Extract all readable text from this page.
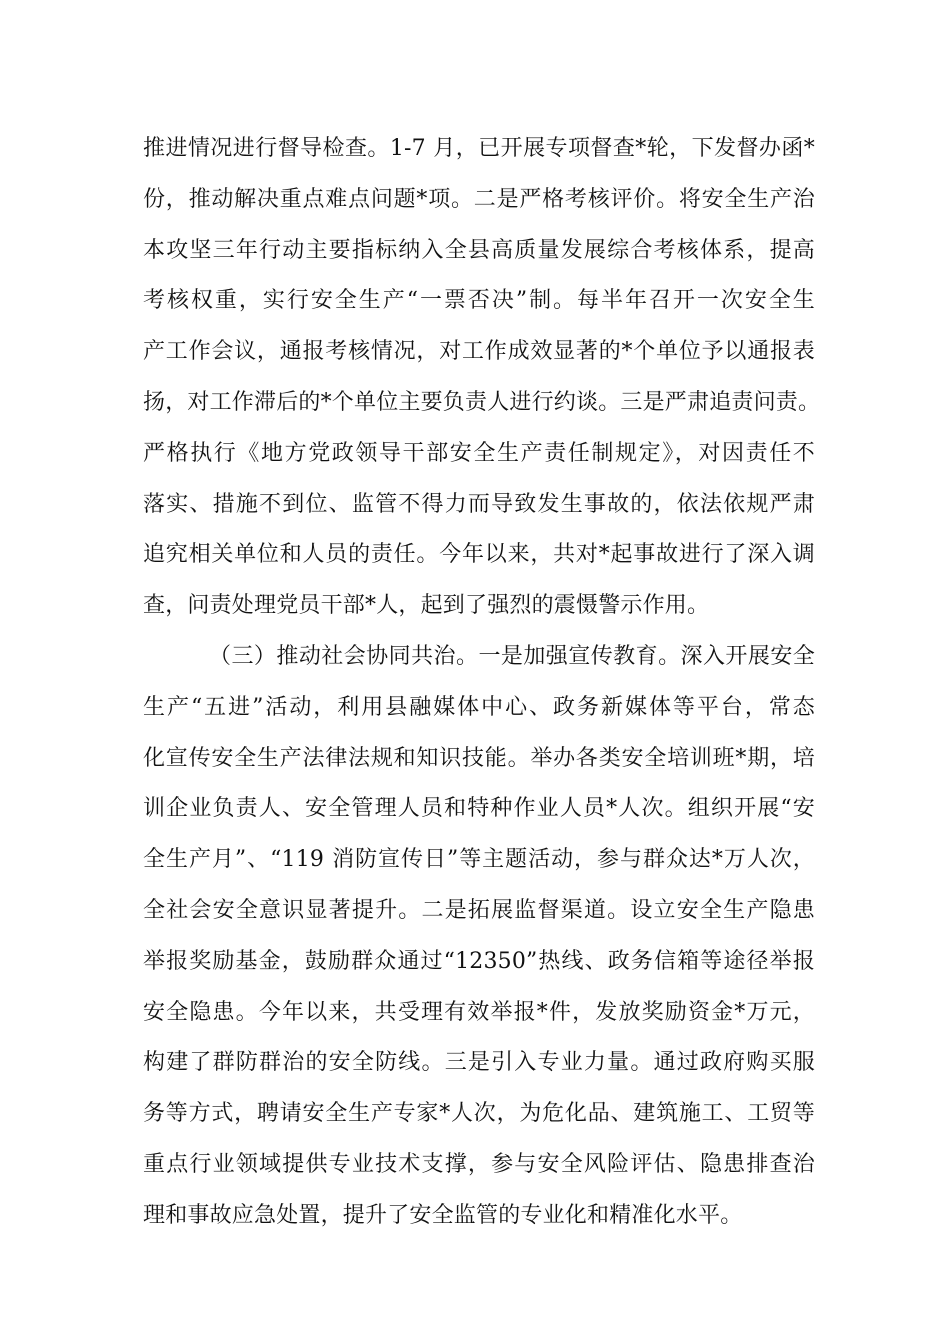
推进情况进行督导检查。1-7 月，已开展专项督查*轮，下发督办函*
份，推动解决重点难点问题*项。二是严格考核评价。将安全生产治
本攻坚三年行动主要指标纳入全县高质量发展综合考核体系，提高
考核权重，实行安全生产“一票否决”制。每半年召开一次安全生
产工作会议，通报考核情况，对工作成效显著的*个单位予以通报表
扬，对工作滞后的*个单位主要负责人进行约谈。三是严肃追责问责。
严格执行《地方党政领导干部安全生产责任制规定》，对因责任不
落实、措施不到位、监管不得力而导致发生事故的，依法依规严肃
追究相关单位和人员的责任。今年以来，共对*起事故进行了深入调
查，问责处理党员干部*人，起到了强烈的震慑警示作用。
（三）推动社会协同共治。一是加强宣传教育。深入开展安全
生产“五进”活动，利用县融媒体中心、政务新媒体等平台，常态
化宣传安全生产法律法规和知识技能。举办各类安全培训班*期，培
训企业负责人、安全管理人员和特种作业人员*人次。组织开展“安
全生产月”、“119 消防宣传日”等主题活动，参与群众达*万人次，
全社会安全意识显著提升。二是拓展监督渠道。设立安全生产隐患
举报奖励基金，鼓励群众通过“12350”热线、政务信箱等途径举报
安全隐患。今年以来，共受理有效举报*件，发放奖励资金*万元，
构建了群防群治的安全防线。三是引入专业力量。通过政府购买服
务等方式，聘请安全生产专家*人次，为危化品、建筑施工、工贸等
重点行业领域提供专业技术支撑，参与安全风险评估、隐患排查治
理和事故应急处置，提升了安全监管的专业化和精准化水平。
